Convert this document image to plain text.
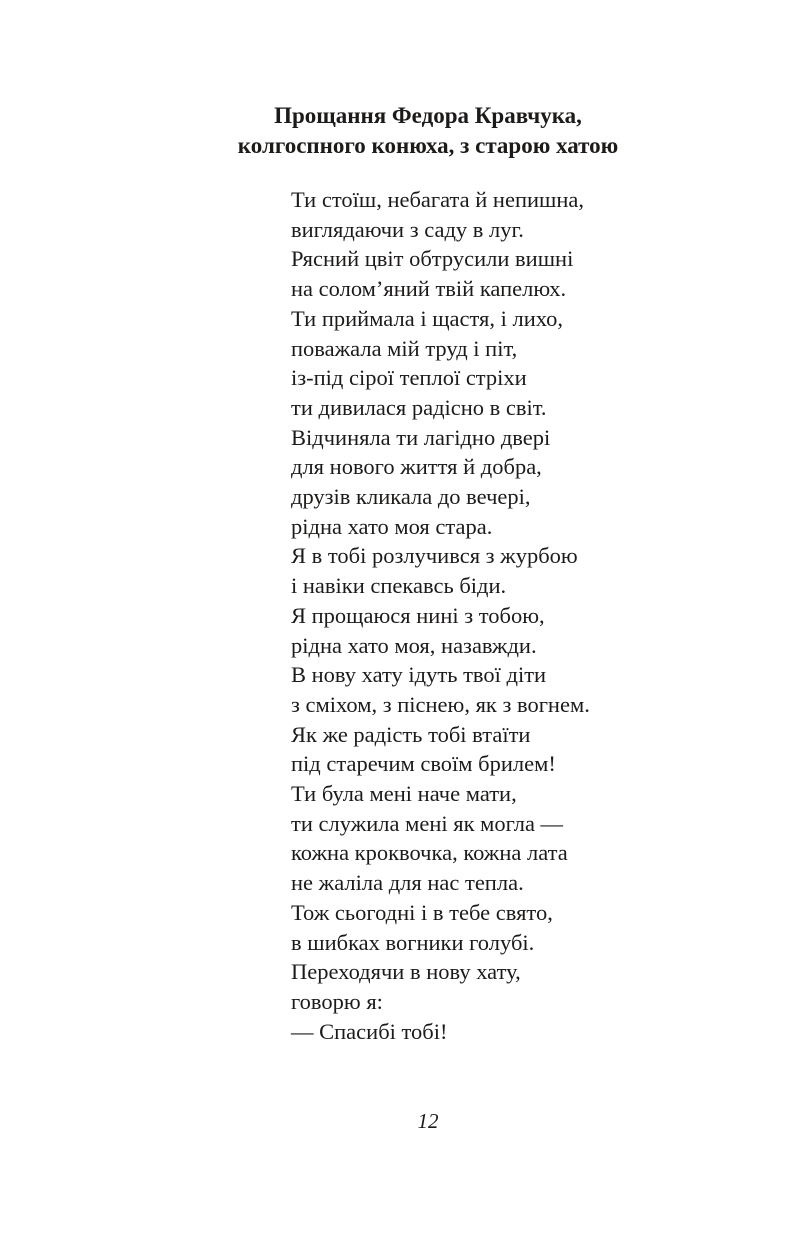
Прощання Федора Кравчука,
колгоспного конюха, з старою хатою
Ти стоїш, небагата й непишна,
виглядаючи з саду в луг.
Рясний цвіт обтрусили вишні
на солом’яний твій капелюх.
Ти приймала і щастя, і лихо,
поважала мій труд і піт,
із-під сірої теплої стріхи
ти дивилася радісно в світ.
Відчиняла ти лагідно двері
для нового життя й добра,
друзів кликала до вечері,
рідна хато моя стара.
Я в тобі розлучився з журбою
і навіки спекавсь біди.
Я прощаюся нині з тобою,
рідна хато моя, назавжди.
В нову хату ідуть твої діти
з сміхом, з піснею, як з вогнем.
Як же радість тобі втаїти
під старечим своїм брилем!
Ти була мені наче мати,
ти служила мені як могла —
кожна кроквочка, кожна лата
не жаліла для нас тепла.
Тож сьогодні і в тебе свято,
в шибках вогники голубі.
Переходячи в нову хату,
говорю я:
— Спасибі тобі!
12
